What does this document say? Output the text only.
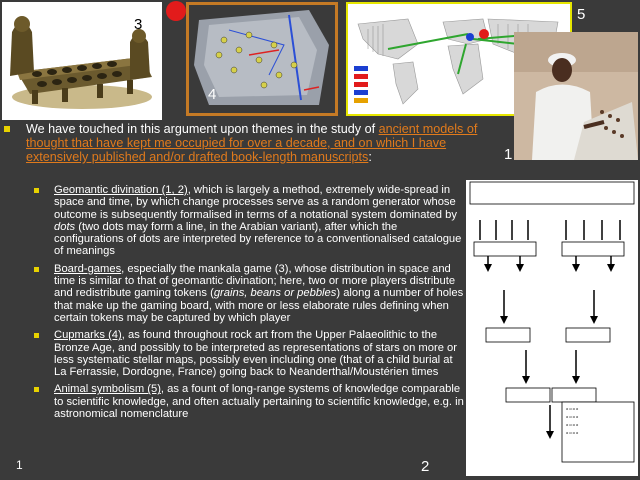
3
4
5
1
o o o o
o o o o
o o o o
o o o o
2
We have touched in this argument upon themes in the study of ancient models of thought that have kept me occupied for over a decade, and on which I have extensively published and/or drafted book-length manuscripts:
Geomantic divination (1, 2), which is largely a method, extremely wide-spread in space and time, by which change processes serve as a random generator whose outcome is subsequently formalised in terms of a notational system dominated by dots (two dots may form a line, in the Arabian variant), after which the configurations of dots are interpreted by reference to a conventionalised catalogue of meanings
Board-games, especially the mankala game (3), whose distribution in space and time is similar to that of geomantic divination; here, two or more players distribute and redistribute gaming tokens (grains, beans or pebbles) along a number of holes that make up the gaming board, with more or less elaborate rules defining when certain tokens may be captured by which player
Cupmarks (4), as found throughout rock art from the Upper Palaeolithic to the Bronze Age, and possibly to be interpreted as representations of stars on more or less systematic stellar maps, possibly even including one (that of a child burial at La Ferrassie, Dordogne, France) going back to Neanderthal/Moustérien times
Animal symbolism (5), as a fount of long-range systems of knowledge comparable to scientific knowledge, and often actually pertaining to scientific knowledge, e.g. in astronomical nomenclature
1
